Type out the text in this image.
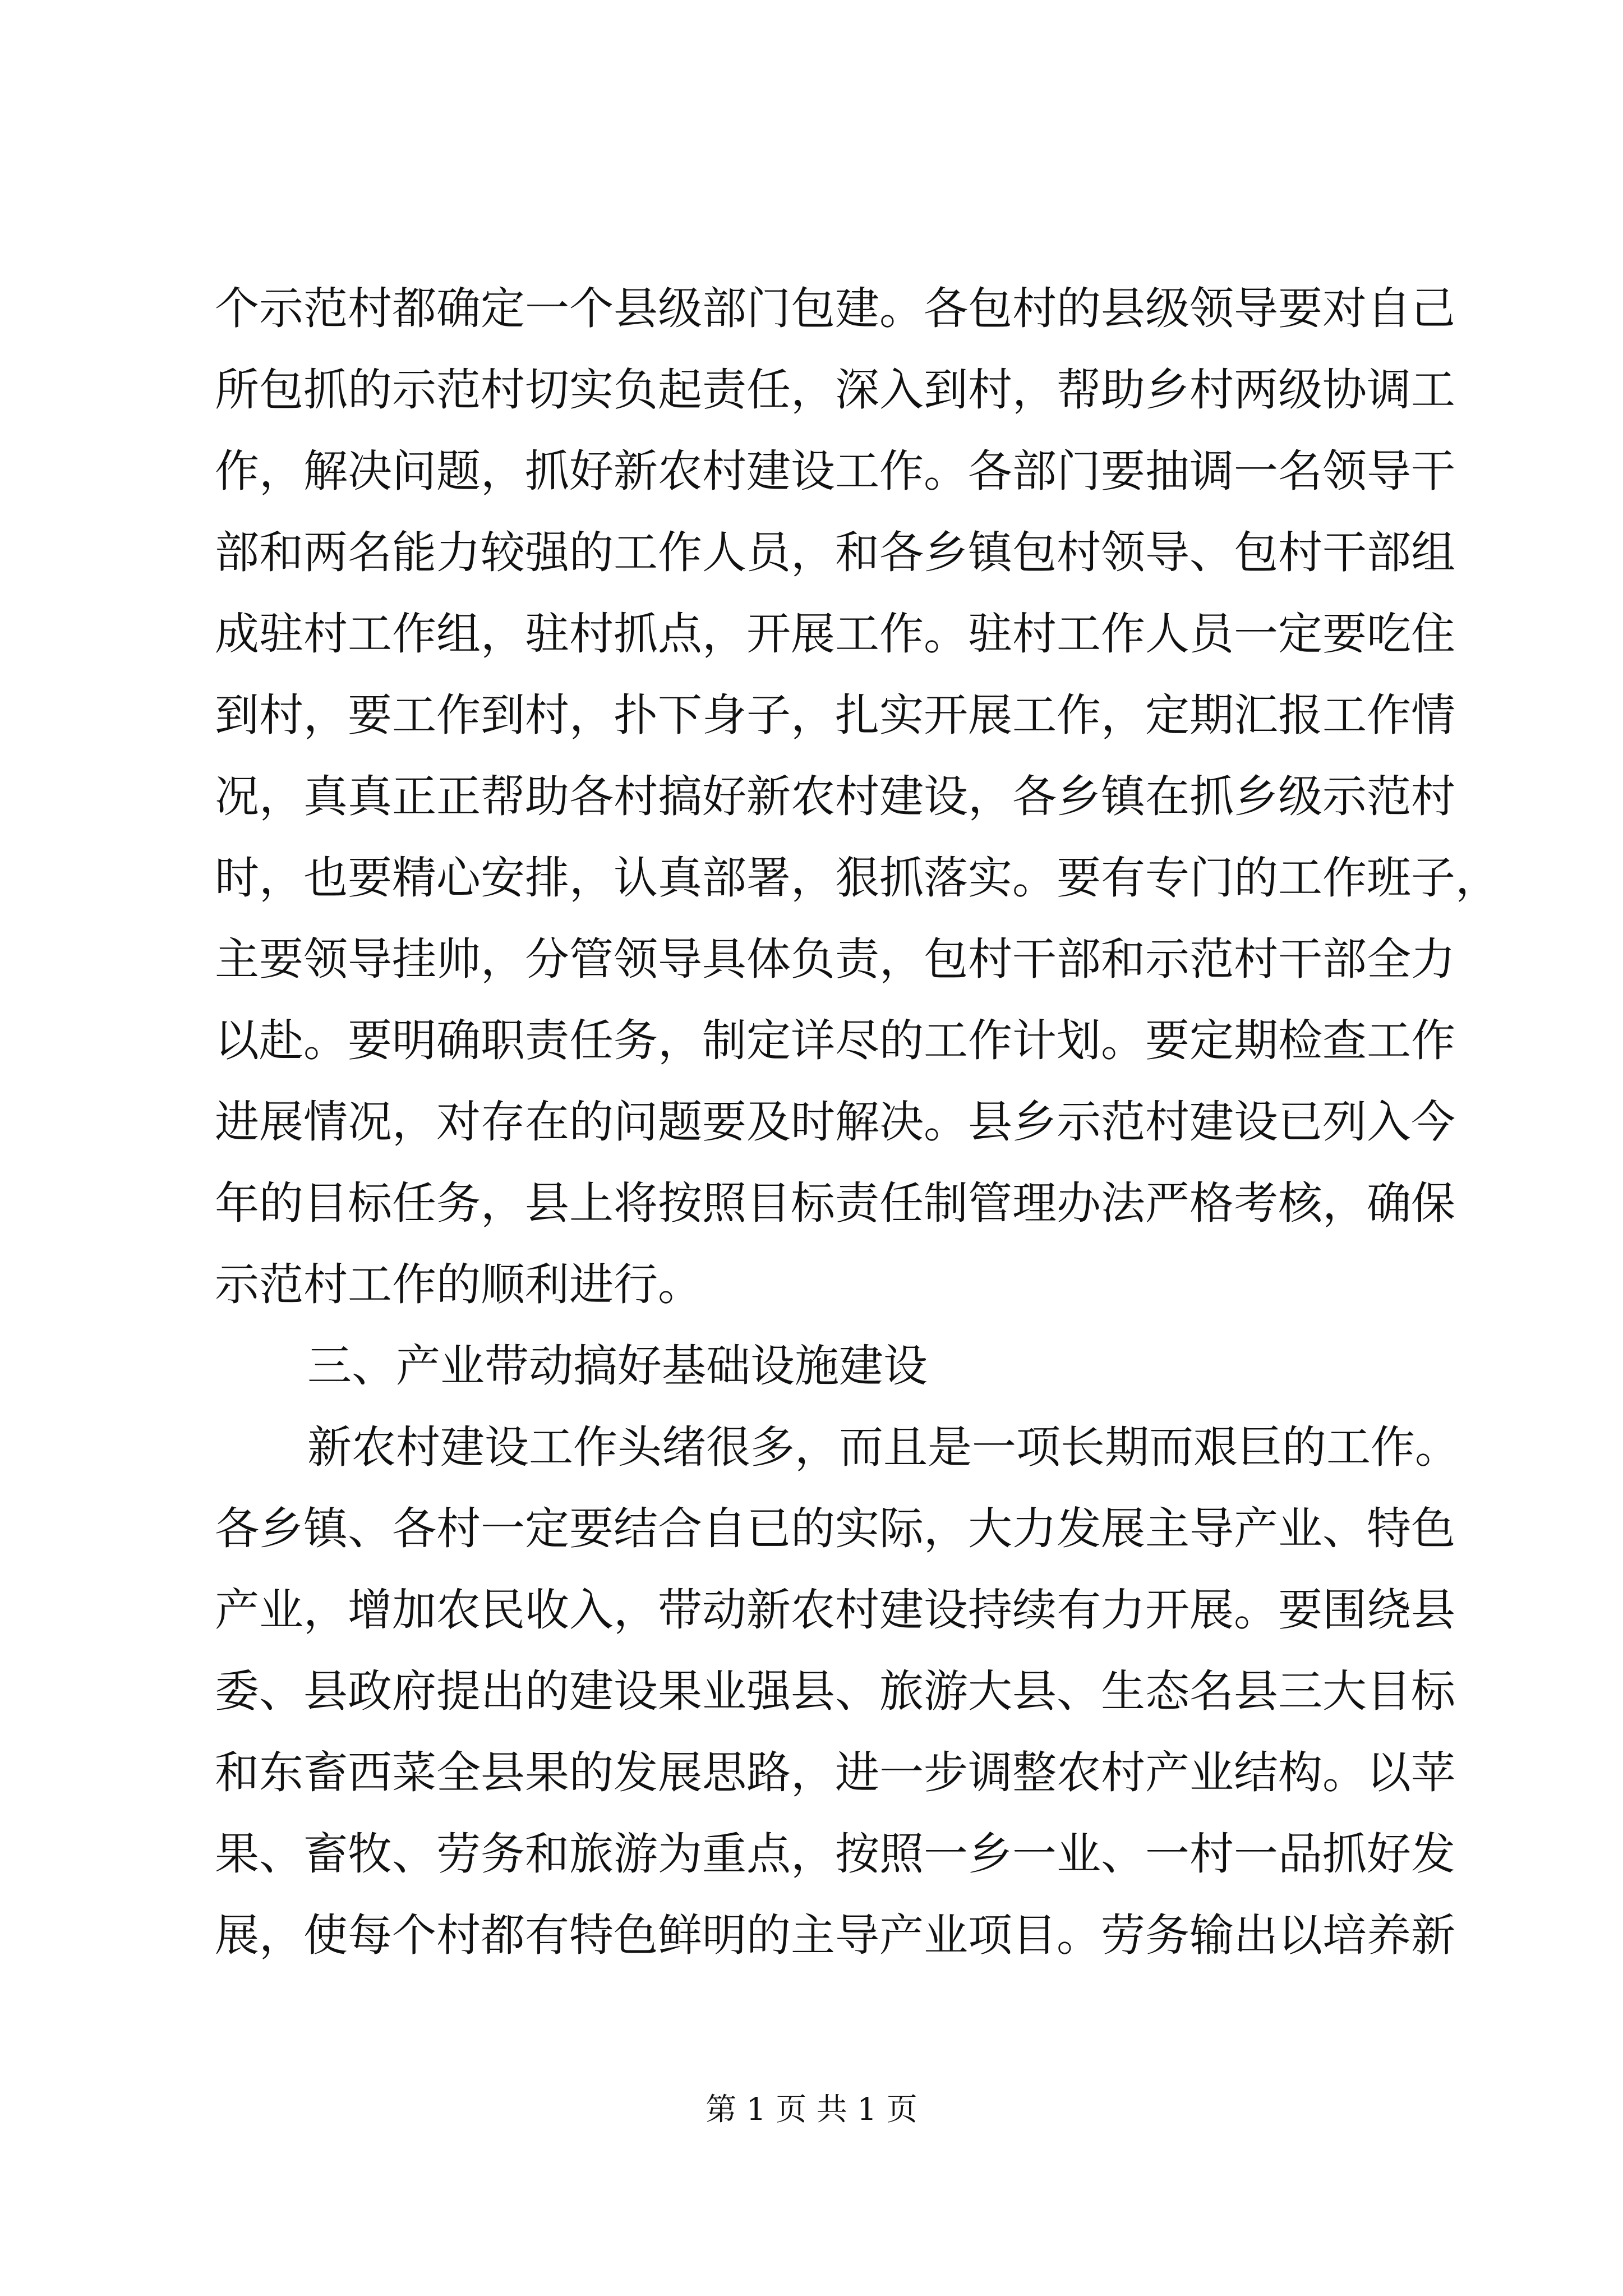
个 示 范 村 都 确 定 一 个 县 级 部 门 包 建 。 各 包 村 的 县 级 领 导 要 对 自 己
所 包 抓 的 示 范 村 切 实 负 起 责 任 ， 深 入 到 村 ， 帮 助 乡 村 两 级 协 调 工
作 ， 解 决 问 题 ， 抓 好 新 农 村 建 设 工 作 。 各 部 门 要 抽 调 一 名 领 导 干
部 和 两 名 能 力 较 强 的 工 作 人 员 ， 和 各 乡 镇 包 村 领 导 、 包 村 干 部 组
成 驻 村 工 作 组 ， 驻 村 抓 点 ， 开 展 工 作 。 驻 村 工 作 人 员 一 定 要 吃 住
到 村 ， 要 工 作 到 村 ， 扑 下 身 子 ， 扎 实 开 展 工 作 ， 定 期 汇 报 工 作 情
况 ， 真 真 正 正 帮 助 各 村 搞 好 新 农 村 建 设 ， 各 乡 镇 在 抓 乡 级 示 范 村
时 ， 也 要 精 心 安 排 ， 认 真 部 署 ， 狠 抓 落 实 。 要 有 专 门 的 工 作 班 子 ，
主 要 领 导 挂 帅 ， 分 管 领 导 具 体 负 责 ， 包 村 干 部 和 示 范 村 干 部 全 力
以 赴 。 要 明 确 职 责 任 务 ， 制 定 详 尽 的 工 作 计 划 。 要 定 期 检 查 工 作
进 展 情 况 ， 对 存 在 的 问 题 要 及 时 解 决 。 县 乡 示 范 村 建 设 已 列 入 今
年 的 目 标 任 务 ， 县 上 将 按 照 目 标 责 任 制 管 理 办 法 严 格 考 核 ， 确 保
示范村工作的顺利进行。
三、产业带动搞好基础设施建设
新农村建设工作头绪很多，而且是一项长期而艰巨的工作。
各 乡 镇 、 各 村 一 定 要 结 合 自 已 的 实 际 ， 大 力 发 展 主 导 产 业 、 特 色
产 业 ， 增 加 农 民 收 入 ， 带 动 新 农 村 建 设 持 续 有 力 开 展 。 要 围 绕 县
委 、 县 政 府 提 出 的 建 设 果 业 强 县 、 旅 游 大 县 、 生 态 名 县 三 大 目 标
和 东 畜 西 菜 全 县 果 的 发 展 思 路 ， 进 一 步 调 整 农 村 产 业 结 构 。 以 苹
果 、 畜 牧 、 劳 务 和 旅 游 为 重 点 ， 按 照 一 乡 一 业 、 一 村 一 品 抓 好 发
展 ， 使 每 个 村 都 有 特 色 鲜 明 的 主 导 产 业 项 目 。 劳 务 输 出 以 培 养 新
第 1 页 共 1 页
